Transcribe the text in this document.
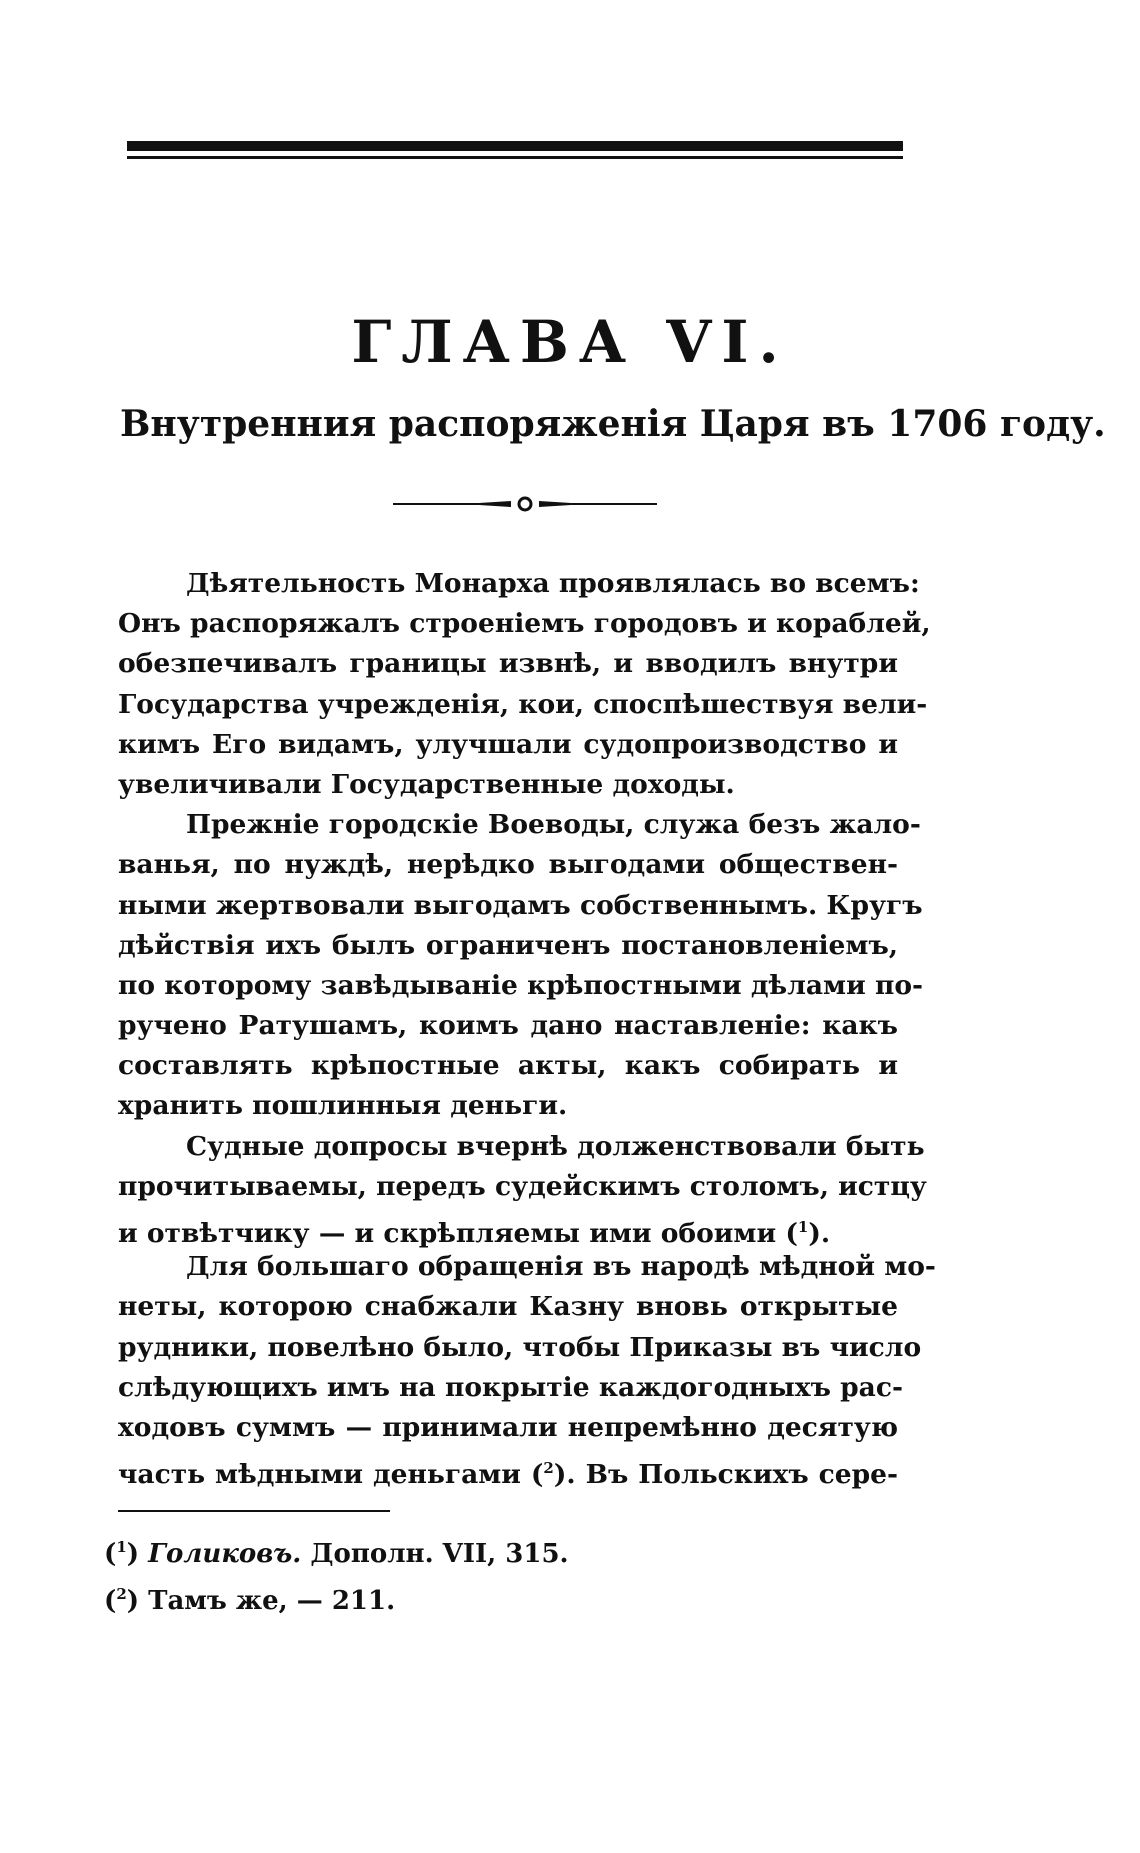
ГЛАВА VI.
Внутренния распоряженія Царя въ 1706 году.
Дѣятельность Монарха проявлялась во всемъ:
Онъ распоряжалъ строеніемъ городовъ и кораблей,
обезпечивалъ границы извнѣ, и вводилъ внутри
Государства учрежденія, кои, споспѣшествуя вели-
кимъ Его видамъ, улучшали судопроизводство и
увеличивали Государственные доходы.
Прежніе городскіе Воеводы, служа безъ жало-
ванья, по нуждѣ, нерѣдко выгодами обществен-
ными жертвовали выгодамъ собственнымъ. Кругъ
дѣйствія ихъ былъ ограниченъ постановленіемъ,
по которому завѣдываніе крѣпостными дѣлами по-
ручено Ратушамъ, коимъ дано наставленіе: какъ
составлять крѣпостные акты, какъ собирать и
хранить пошлинныя деньги.
Судные допросы вчернѣ долженствовали быть
прочитываемы, передъ судейскимъ столомъ, истцу
и отвѣтчику — и скрѣпляемы ими обоими ($^1$).
Для большаго обращенія въ народѣ мѣдной мо-
неты, которою снабжали Казну вновь открытые
рудники, повелѣно было, чтобы Приказы въ число
слѣдующихъ имъ на покрытіе каждогодныхъ рас-
ходовъ суммъ — принимали непремѣнно десятую
часть мѣдными деньгами ($^2$). Въ Польскихъ сере-
($^1$) Голиковъ. Дополн. VII, 315.
($^2$) Тамъ же, — 211.
